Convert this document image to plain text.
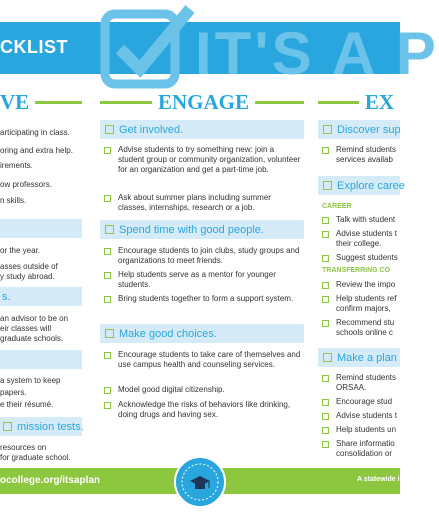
CKLIST IT'S A P
VE	ENGAGE	EX
articipating in class.
oring and extra help.
irements.
ow professors.
n skills.
or the year.
asses outside of
y study abroad.
s.
an advisor to be on
eir classes will
graduate schools.
a system to keep
papers.
e their résumé.
mission tests.
resources on
for graduate school.
Get involved.
Advise students to try something new: join a student group or community organization, volunteer for an organization and get a part-time job.
Ask about summer plans including summer classes, internships, research or a job.
Spend time with good people.
Encourage students to join clubs, study groups and organizations to meet friends.
Help students serve as a mentor for younger students.
Bring students together to form a support system.
Make good choices.
Encourage students to take care of themselves and use campus health and counseling services.
Model good digital citizenship.
Acknowledge the risks of behaviors like drinking, doing drugs and having sex.
Discover sup
Remind students
services availab
Explore caree
CAREER
Talk with student
Advise students t
their college.
Suggest students
TRANSFERRING CO
Review the impo
Help students ref
confirm majors,
Recommend stu
schools online c
Make a plan
Remind students
ORSAA.
Encourage stud
Advise students t
Help students un
Share informatio
consolidation or
ocollege.org/itsaplan	A statewide i
